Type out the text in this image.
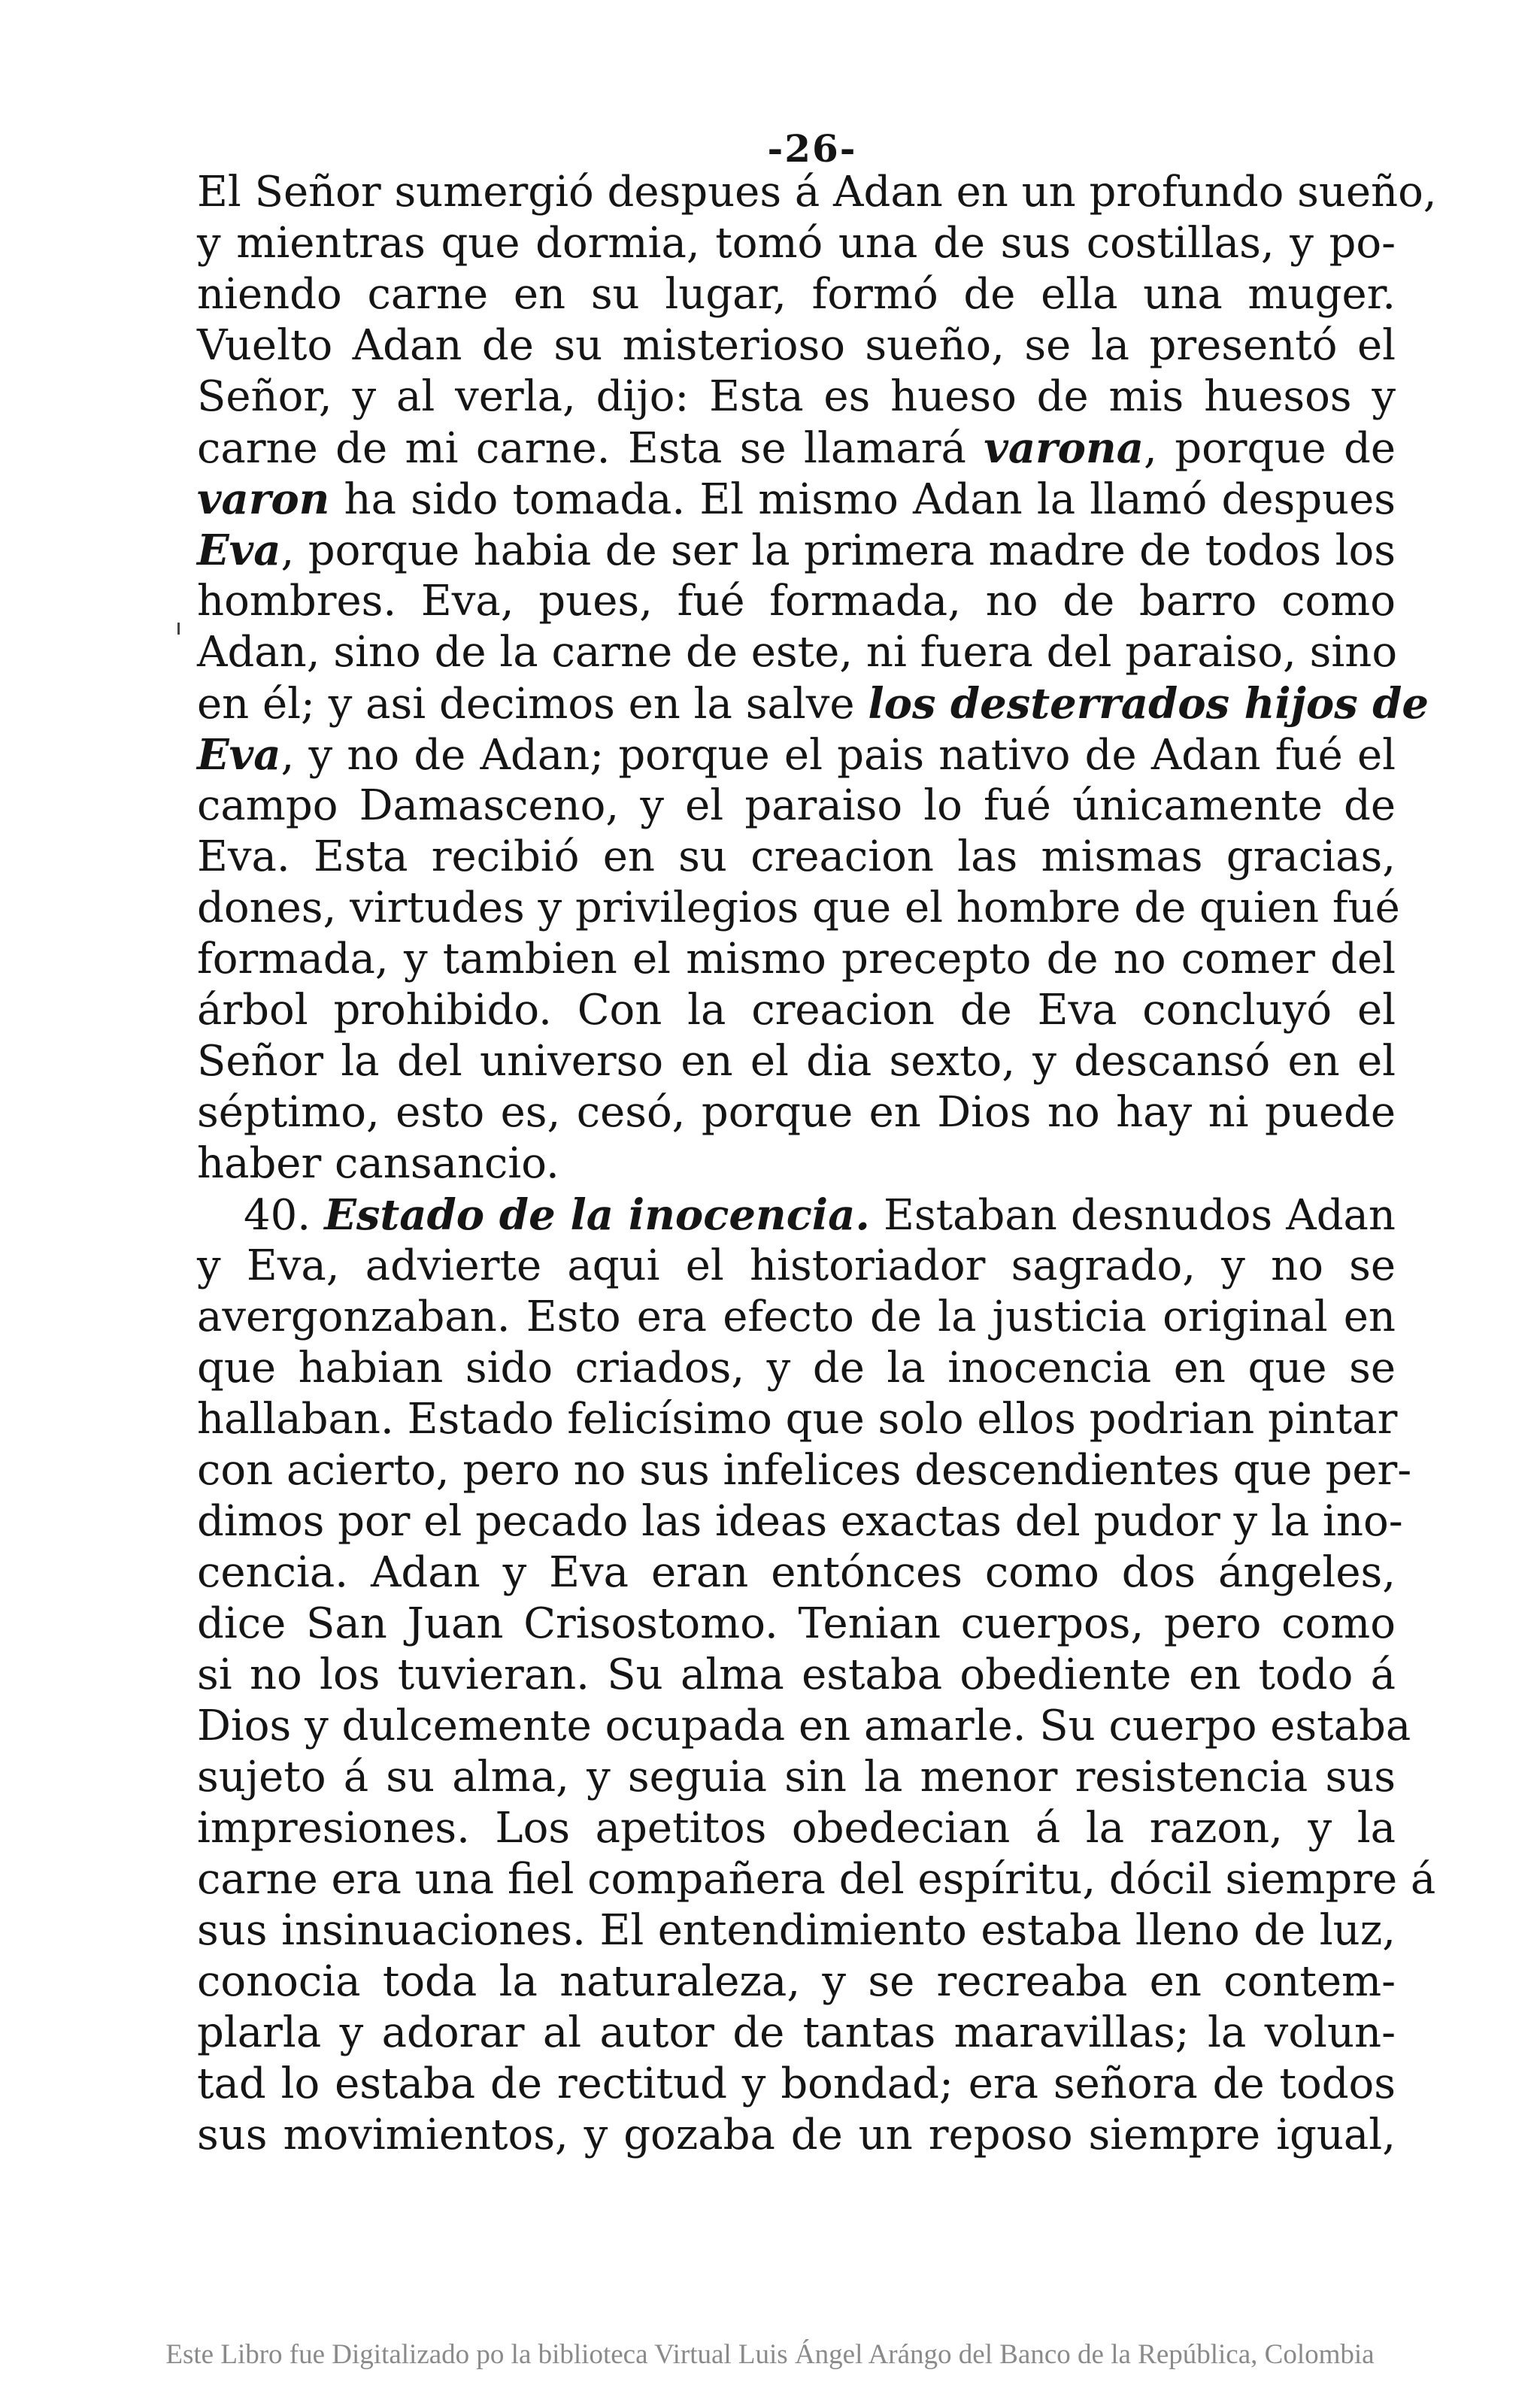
-26-
El Señor sumergió despues á Adan en un profundo sueño,
y mientras que dormia, tomó una de sus costillas, y po-
niendo carne en su lugar, formó de ella una muger.
Vuelto Adan de su misterioso sueño, se la presentó el
Señor, y al verla, dijo: Esta es hueso de mis huesos y
carne de mi carne. Esta se llamará varona, porque de
varon ha sido tomada. El mismo Adan la llamó despues
Eva, porque habia de ser la primera madre de todos los
hombres. Eva, pues, fué formada, no de barro como
Adan, sino de la carne de este, ni fuera del paraiso, sino
en él; y asi decimos en la salve los desterrados hijos de
Eva, y no de Adan; porque el pais nativo de Adan fué el
campo Damasceno, y el paraiso lo fué únicamente de
Eva. Esta recibió en su creacion las mismas gracias,
dones, virtudes y privilegios que el hombre de quien fué
formada, y tambien el mismo precepto de no comer del
árbol prohibido. Con la creacion de Eva concluyó el
Señor la del universo en el dia sexto, y descansó en el
séptimo, esto es, cesó, porque en Dios no hay ni puede
haber cansancio.
40. Estado de la inocencia. Estaban desnudos Adan
y Eva, advierte aqui el historiador sagrado, y no se
avergonzaban. Esto era efecto de la justicia original en
que habian sido criados, y de la inocencia en que se
hallaban. Estado felicísimo que solo ellos podrian pintar
con acierto, pero no sus infelices descendientes que per-
dimos por el pecado las ideas exactas del pudor y la ino-
cencia. Adan y Eva eran entónces como dos ángeles,
dice San Juan Crisostomo. Tenian cuerpos, pero como
si no los tuvieran. Su alma estaba obediente en todo á
Dios y dulcemente ocupada en amarle. Su cuerpo estaba
sujeto á su alma, y seguia sin la menor resistencia sus
impresiones. Los apetitos obedecian á la razon, y la
carne era una fiel compañera del espíritu, dócil siempre á
sus insinuaciones. El entendimiento estaba lleno de luz,
conocia toda la naturaleza, y se recreaba en contem-
plarla y adorar al autor de tantas maravillas; la volun-
tad lo estaba de rectitud y bondad; era señora de todos
sus movimientos, y gozaba de un reposo siempre igual,
Este Libro fue Digitalizado po la biblioteca Virtual Luis Ángel Arángo del Banco de la República, Colombia
